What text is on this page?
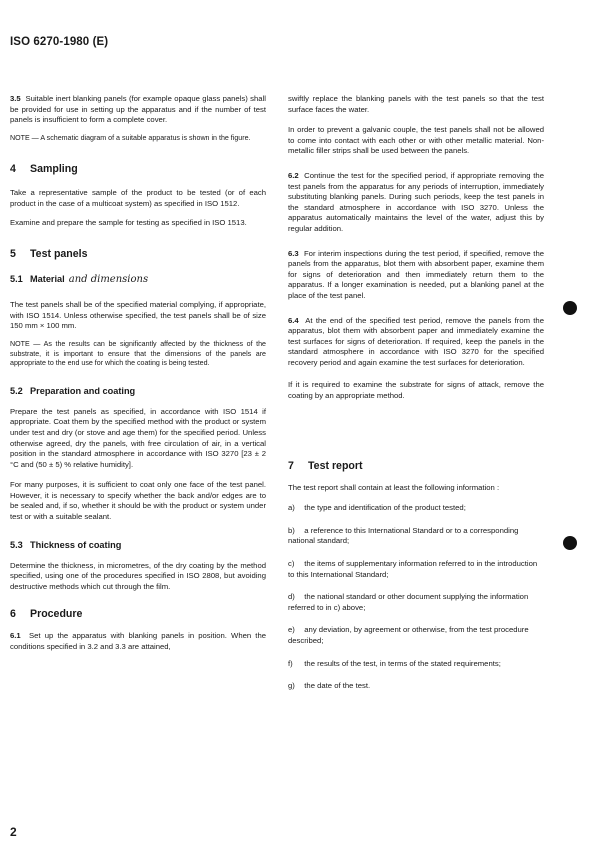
ISO 6270-1980 (E)

3.5 Suitable inert blanking panels (for example opaque glass panels) shall be provided for use in setting up the apparatus and if the number of test panels is insufficient to form a complete cover.

NOTE — A schematic diagram of a suitable apparatus is shown in the figure.

4 Sampling

Take a representative sample of the product to be tested (or of each product in the case of a multicoat system) as specified in ISO 1512.

Examine and prepare the sample for testing as specified in ISO 1513.

5 Test panels
5.1 Material and dimensions

The test panels shall be of the specified material complying, if appropriate, with ISO 1514. Unless otherwise specified, the test panels shall be of size 150 mm × 100 mm.

NOTE — As the results can be significantly affected by the thickness of the substrate, it is important to ensure that the dimensions of the panels are appropriate to the end use for which the coating is being tested.

5.2 Preparation and coating

Prepare the test panels as specified, in accordance with ISO 1514 if appropriate. Coat them by the specified method with the product or system under test and dry (or stove and age them) for the specified period. Unless otherwise agreed, dry the panels, with free circulation of air, in a vertical position in the standard atmosphere in accordance with ISO 3270 [23 ± 2 °C and (50 ± 5) % relative humidity].

For many purposes, it is sufficient to coat only one face of the test panel. However, it is necessary to specify whether the back and/or edges are to be sealed and, if so, whether it should be with the product or system under test or with a suitable sealant.

5.3 Thickness of coating

Determine the thickness, in micrometres, of the dry coating by the method specified, using one of the procedures specified in ISO 2808, but avoiding destructive methods which cut through the film.

6 Procedure

6.1 Set up the apparatus with blanking panels in position. When the conditions specified in 3.2 and 3.3 are attained,

swiftly replace the blanking panels with the test panels so that the test surface faces the water.

In order to prevent a galvanic couple, the test panels shall not be allowed to come into contact with each other or with other metallic material. Non-metallic filler strips shall be used between the panels.

6.2 Continue the test for the specified period, if appropriate removing the test panels from the apparatus for any periods of interruption, immediately substituting blanking panels. During such periods, keep the test panels in the standard atmosphere in accordance with ISO 3270. Unless the apparatus automatically maintains the level of the water, adjust this by regular addition.

6.3 For interim inspections during the test period, if specified, remove the panels from the apparatus, blot them with absorbent paper, examine them for signs of deterioration and then immediately return them to the apparatus. If a longer examination is needed, put a blanking panel at the place of the test panel.

6.4 At the end of the specified test period, remove the panels from the apparatus, blot them with absorbent paper and immediately examine the test surfaces for signs of deterioration. If required, keep the panels in the standard atmosphere in accordance with ISO 3270 for the specified recovery period and again examine the test surfaces for deterioration.

If it is required to examine the substrate for signs of attack, remove the coating by an appropriate method.

7 Test report

The test report shall contain at least the following information :

a) the type and identification of the product tested;

b) a reference to this International Standard or to a corresponding national standard;

c) the items of supplementary information referred to in the introduction to this International Standard;

d) the national standard or other document supplying the information referred to in c) above;

e) any deviation, by agreement or otherwise, from the test procedure described;

f) the results of the test, in terms of the stated requirements;

g) the date of the test.

2
